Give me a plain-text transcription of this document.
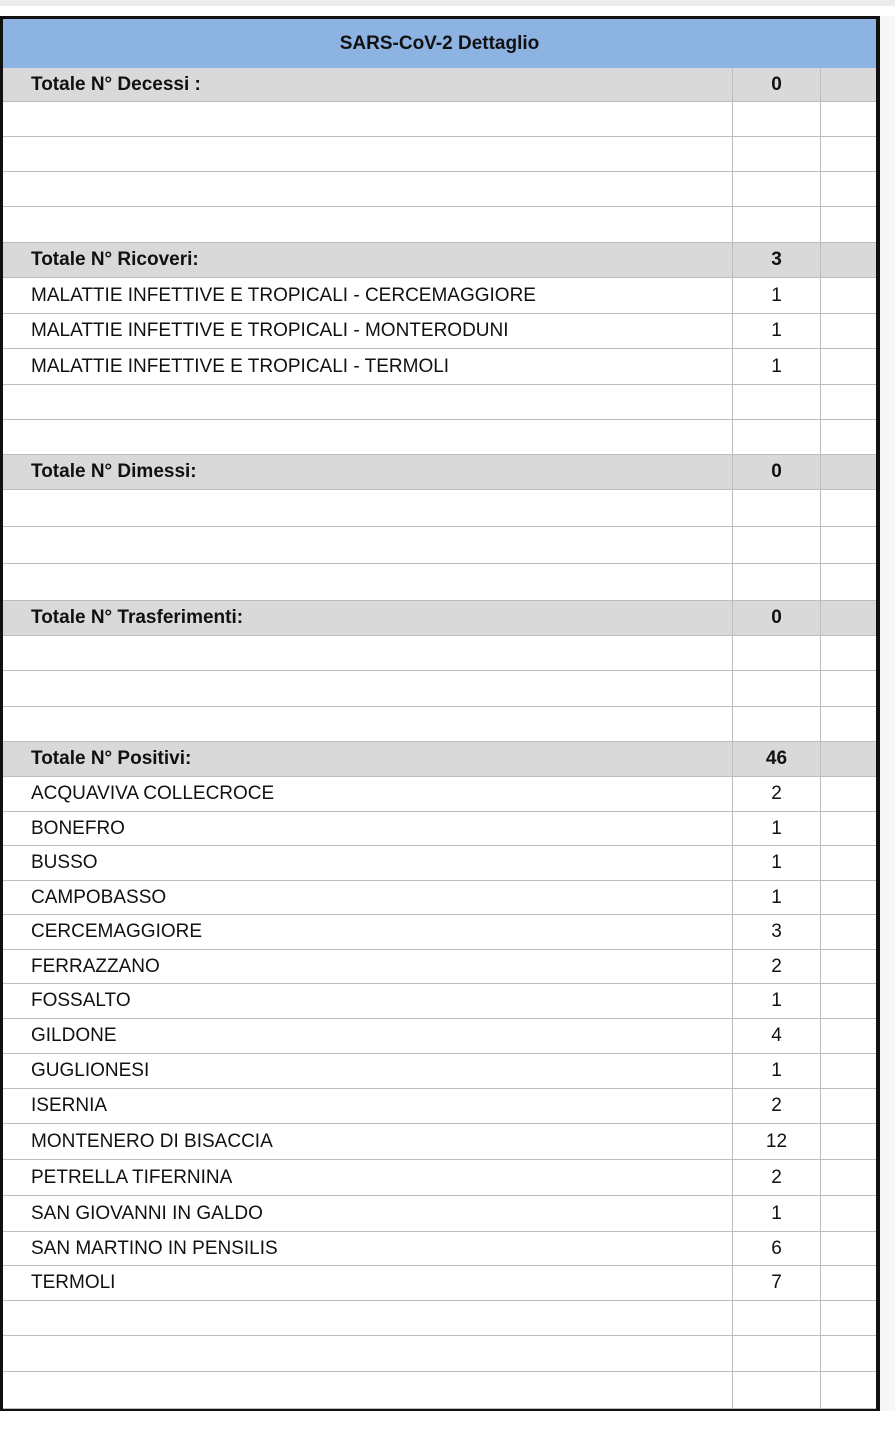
SARS-CoV-2 Dettaglio
Totale N° Decessi :	0
Totale N° Ricoveri:	3
MALATTIE INFETTIVE E TROPICALI - CERCEMAGGIORE	1
MALATTIE INFETTIVE E TROPICALI - MONTERODUNI	1
MALATTIE INFETTIVE E TROPICALI - TERMOLI	1
Totale N° Dimessi:	0
Totale N° Trasferimenti:	0
Totale N° Positivi:	46
ACQUAVIVA COLLECROCE	2
BONEFRO	1
BUSSO	1
CAMPOBASSO	1
CERCEMAGGIORE	3
FERRAZZANO	2
FOSSALTO	1
GILDONE	4
GUGLIONESI	1
ISERNIA	2
MONTENERO DI BISACCIA	12
PETRELLA TIFERNINA	2
SAN GIOVANNI IN GALDO	1
SAN MARTINO IN PENSILIS	6
TERMOLI	7
